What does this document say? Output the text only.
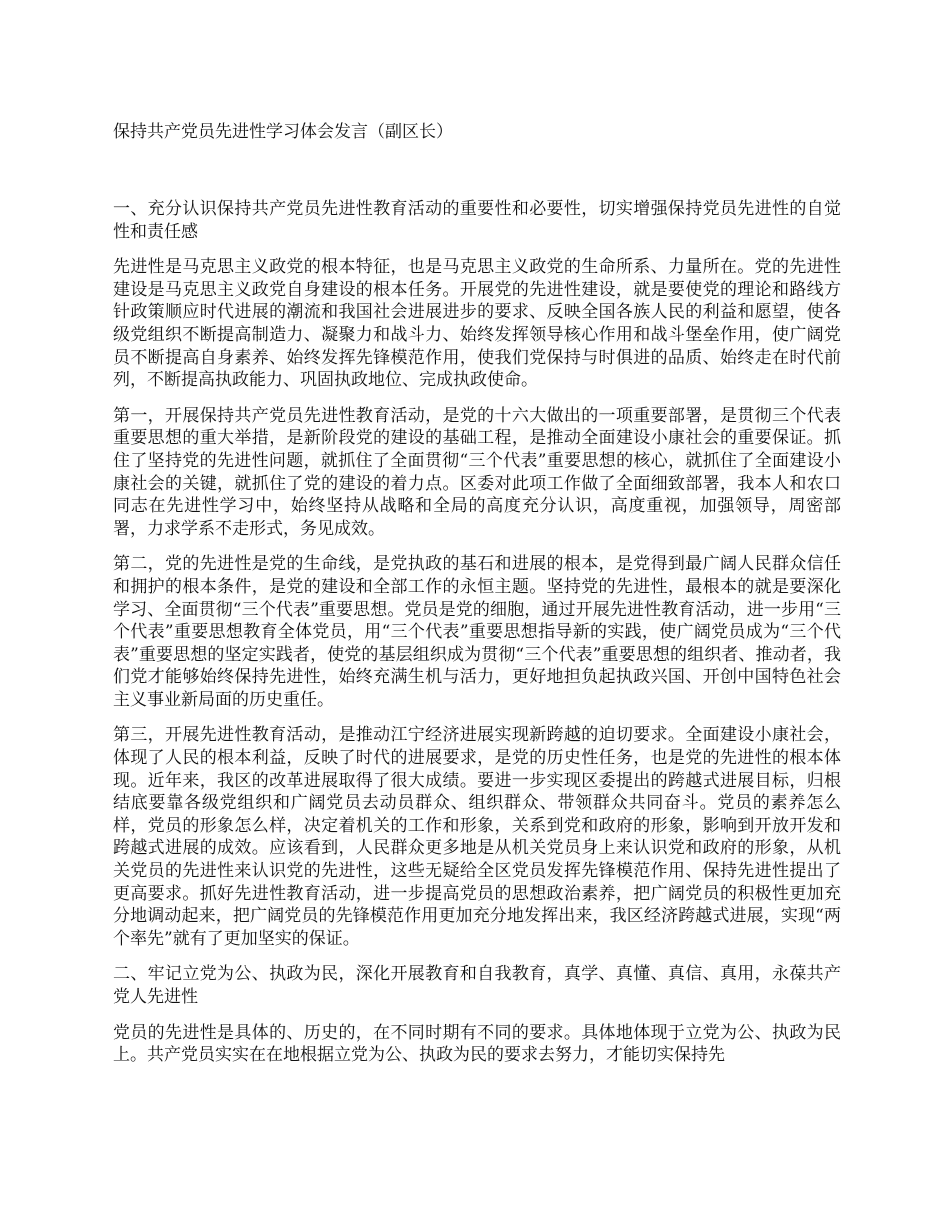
保持共产党员先进性学习体会发言（副区长）
一、充分认识保持共产党员先进性教育活动的重要性和必要性，切实增强保持党员先进性的自觉性和责任感
先进性是马克思主义政党的根本特征，也是马克思主义政党的生命所系、力量所在。党的先进性建设是马克思主义政党自身建设的根本任务。开展党的先进性建设，就是要使党的理论和路线方针政策顺应时代进展的潮流和我国社会进展进步的要求、反映全国各族人民的利益和愿望，使各级党组织不断提高制造力、凝聚力和战斗力、始终发挥领导核心作用和战斗堡垒作用，使广阔党员不断提高自身素养、始终发挥先锋模范作用，使我们党保持与时俱进的品质、始终走在时代前列，不断提高执政能力、巩固执政地位、完成执政使命。
第一，开展保持共产党员先进性教育活动，是党的十六大做出的一项重要部署，是贯彻三个代表重要思想的重大举措，是新阶段党的建设的基础工程，是推动全面建设小康社会的重要保证。抓住了坚持党的先进性问题，就抓住了全面贯彻“三个代表”重要思想的核心，就抓住了全面建设小康社会的关键，就抓住了党的建设的着力点。区委对此项工作做了全面细致部署，我本人和农口同志在先进性学习中，始终坚持从战略和全局的高度充分认识，高度重视，加强领导，周密部署，力求学系不走形式，务见成效。
第二，党的先进性是党的生命线，是党执政的基石和进展的根本，是党得到最广阔人民群众信任和拥护的根本条件，是党的建设和全部工作的永恒主题。坚持党的先进性，最根本的就是要深化学习、全面贯彻“三个代表”重要思想。党员是党的细胞，通过开展先进性教育活动，进一步用“三个代表”重要思想教育全体党员，用“三个代表”重要思想指导新的实践，使广阔党员成为“三个代表”重要思想的坚定实践者，使党的基层组织成为贯彻“三个代表”重要思想的组织者、推动者，我们党才能够始终保持先进性，始终充满生机与活力，更好地担负起执政兴国、开创中国特色社会主义事业新局面的历史重任。
第三，开展先进性教育活动，是推动江宁经济进展实现新跨越的迫切要求。全面建设小康社会，体现了人民的根本利益，反映了时代的进展要求，是党的历史性任务，也是党的先进性的根本体现。近年来，我区的改革进展取得了很大成绩。要进一步实现区委提出的跨越式进展目标，归根结底要靠各级党组织和广阔党员去动员群众、组织群众、带领群众共同奋斗。党员的素养怎么样，党员的形象怎么样，决定着机关的工作和形象，关系到党和政府的形象，影响到开放开发和跨越式进展的成效。应该看到，人民群众更多地是从机关党员身上来认识党和政府的形象，从机关党员的先进性来认识党的先进性，这些无疑给全区党员发挥先锋模范作用、保持先进性提出了更高要求。抓好先进性教育活动，进一步提高党员的思想政治素养，把广阔党员的积极性更加充分地调动起来，把广阔党员的先锋模范作用更加充分地发挥出来，我区经济跨越式进展，实现“两个率先”就有了更加坚实的保证。
二、牢记立党为公、执政为民，深化开展教育和自我教育，真学、真懂、真信、真用，永葆共产党人先进性
党员的先进性是具体的、历史的，在不同时期有不同的要求。具体地体现于立党为公、执政为民上。共产党员实实在在地根据立党为公、执政为民的要求去努力，才能切实保持先
